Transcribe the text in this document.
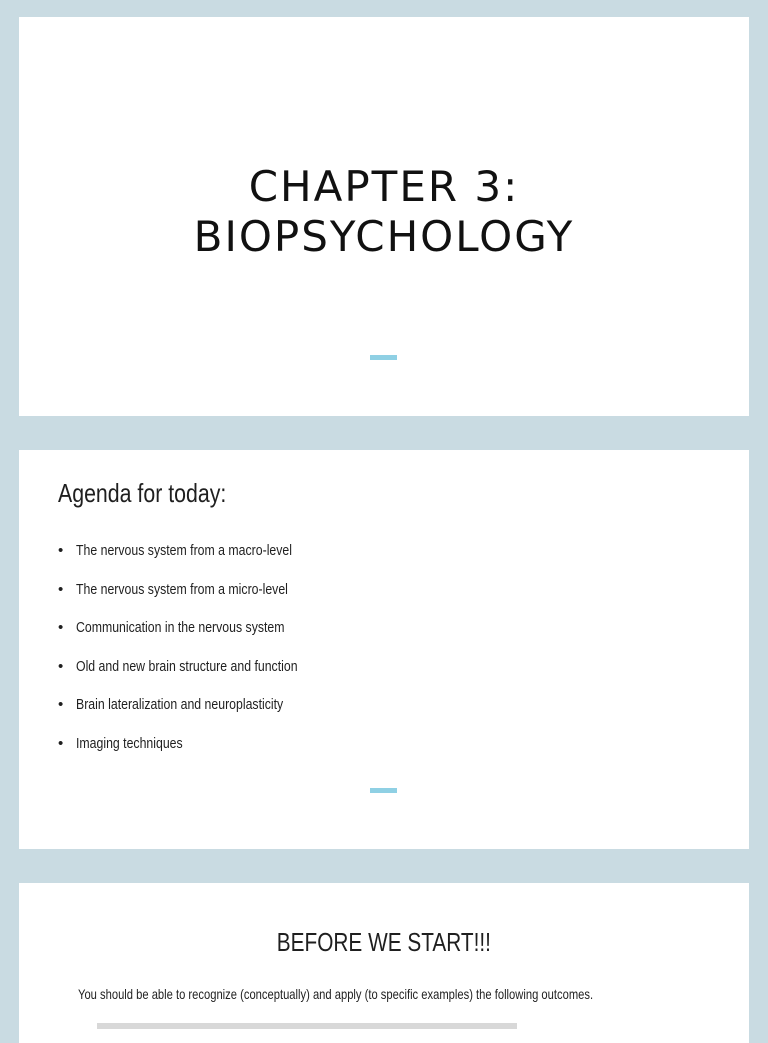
CHAPTER 3:
BIOPSYCHOLOGY
Agenda for today:
• The nervous system from a macro-level
• The nervous system from a micro-level
• Communication in the nervous system
• Old and new brain structure and function
• Brain lateralization and neuroplasticity
• Imaging techniques
BEFORE WE START!!!

You should be able to recognize (conceptually) and apply (to specific examples) the following outcomes.
